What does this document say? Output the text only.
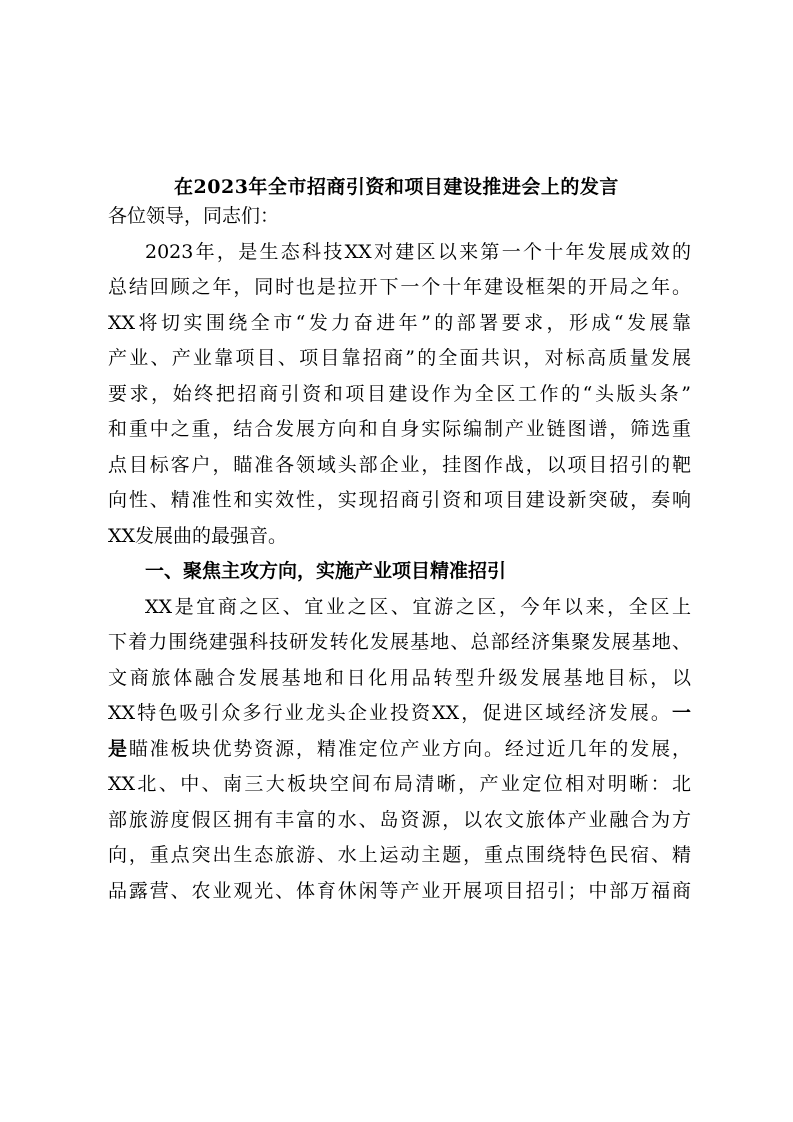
在2023年全市招商引资和项目建设推进会上的发言
各位领导，同志们：
2023年，是生态科技XX对建区以来第一个十年发展成效的
总结回顾之年，同时也是拉开下一个十年建设框架的开局之年。
XX将切实围绕全市“发力奋进年”的部署要求，形成“发展靠
产业、产业靠项目、项目靠招商”的全面共识，对标高质量发展
要求，始终把招商引资和项目建设作为全区工作的“头版头条”
和重中之重，结合发展方向和自身实际编制产业链图谱，筛选重
点目标客户，瞄准各领域头部企业，挂图作战，以项目招引的靶
向性、精准性和实效性，实现招商引资和项目建设新突破，奏响
XX发展曲的最强音。
一、聚焦主攻方向，实施产业项目精准招引
XX是宜商之区、宜业之区、宜游之区，今年以来，全区上
下着力围绕建强科技研发转化发展基地、总部经济集聚发展基地、
文商旅体融合发展基地和日化用品转型升级发展基地目标，以
XX特色吸引众多行业龙头企业投资XX，促进区域经济发展。一
是瞄准板块优势资源，精准定位产业方向。经过近几年的发展，
XX北、中、南三大板块空间布局清晰，产业定位相对明晰：北
部旅游度假区拥有丰富的水、岛资源，以农文旅体产业融合为方
向，重点突出生态旅游、水上运动主题，重点围绕特色民宿、精
品露营、农业观光、体育休闲等产业开展项目招引；中部万福商
